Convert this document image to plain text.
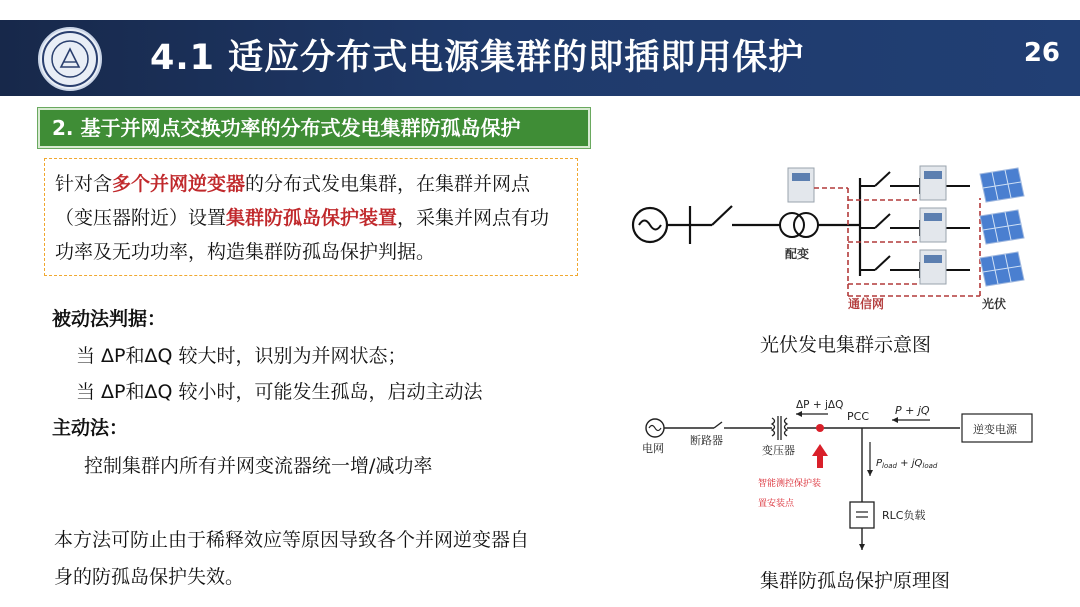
4.1 适应分布式电源集群的即插即用保护	26
2. 基于并网点交换功率的分布式发电集群防孤岛保护

针对含多个并网逆变器的分布式发电集群，在集群并网点（变压器附近）设置集群防孤岛保护装置，采集并网点有功功率及无功功率，构造集群防孤岛保护判据。

被动法判据：
当 ΔP和ΔQ 较大时，识别为并网状态；
当 ΔP和ΔQ 较小时，可能发生孤岛，启动主动法
主动法：
控制集群内所有并网变流器统一增/减功率
本方法可防止由于稀释效应等原因导致各个并网逆变器自
身的防孤岛保护失效。
配变
通信网	光伏
光伏发电集群示意图
电网
断路器
变压器
ΔP + jΔQ
PCC P + jQ
逆变电源
智能测控保护装
置安装点
$P_{load} + jQ_{load}$
RLC负载
集群防孤岛保护原理图
